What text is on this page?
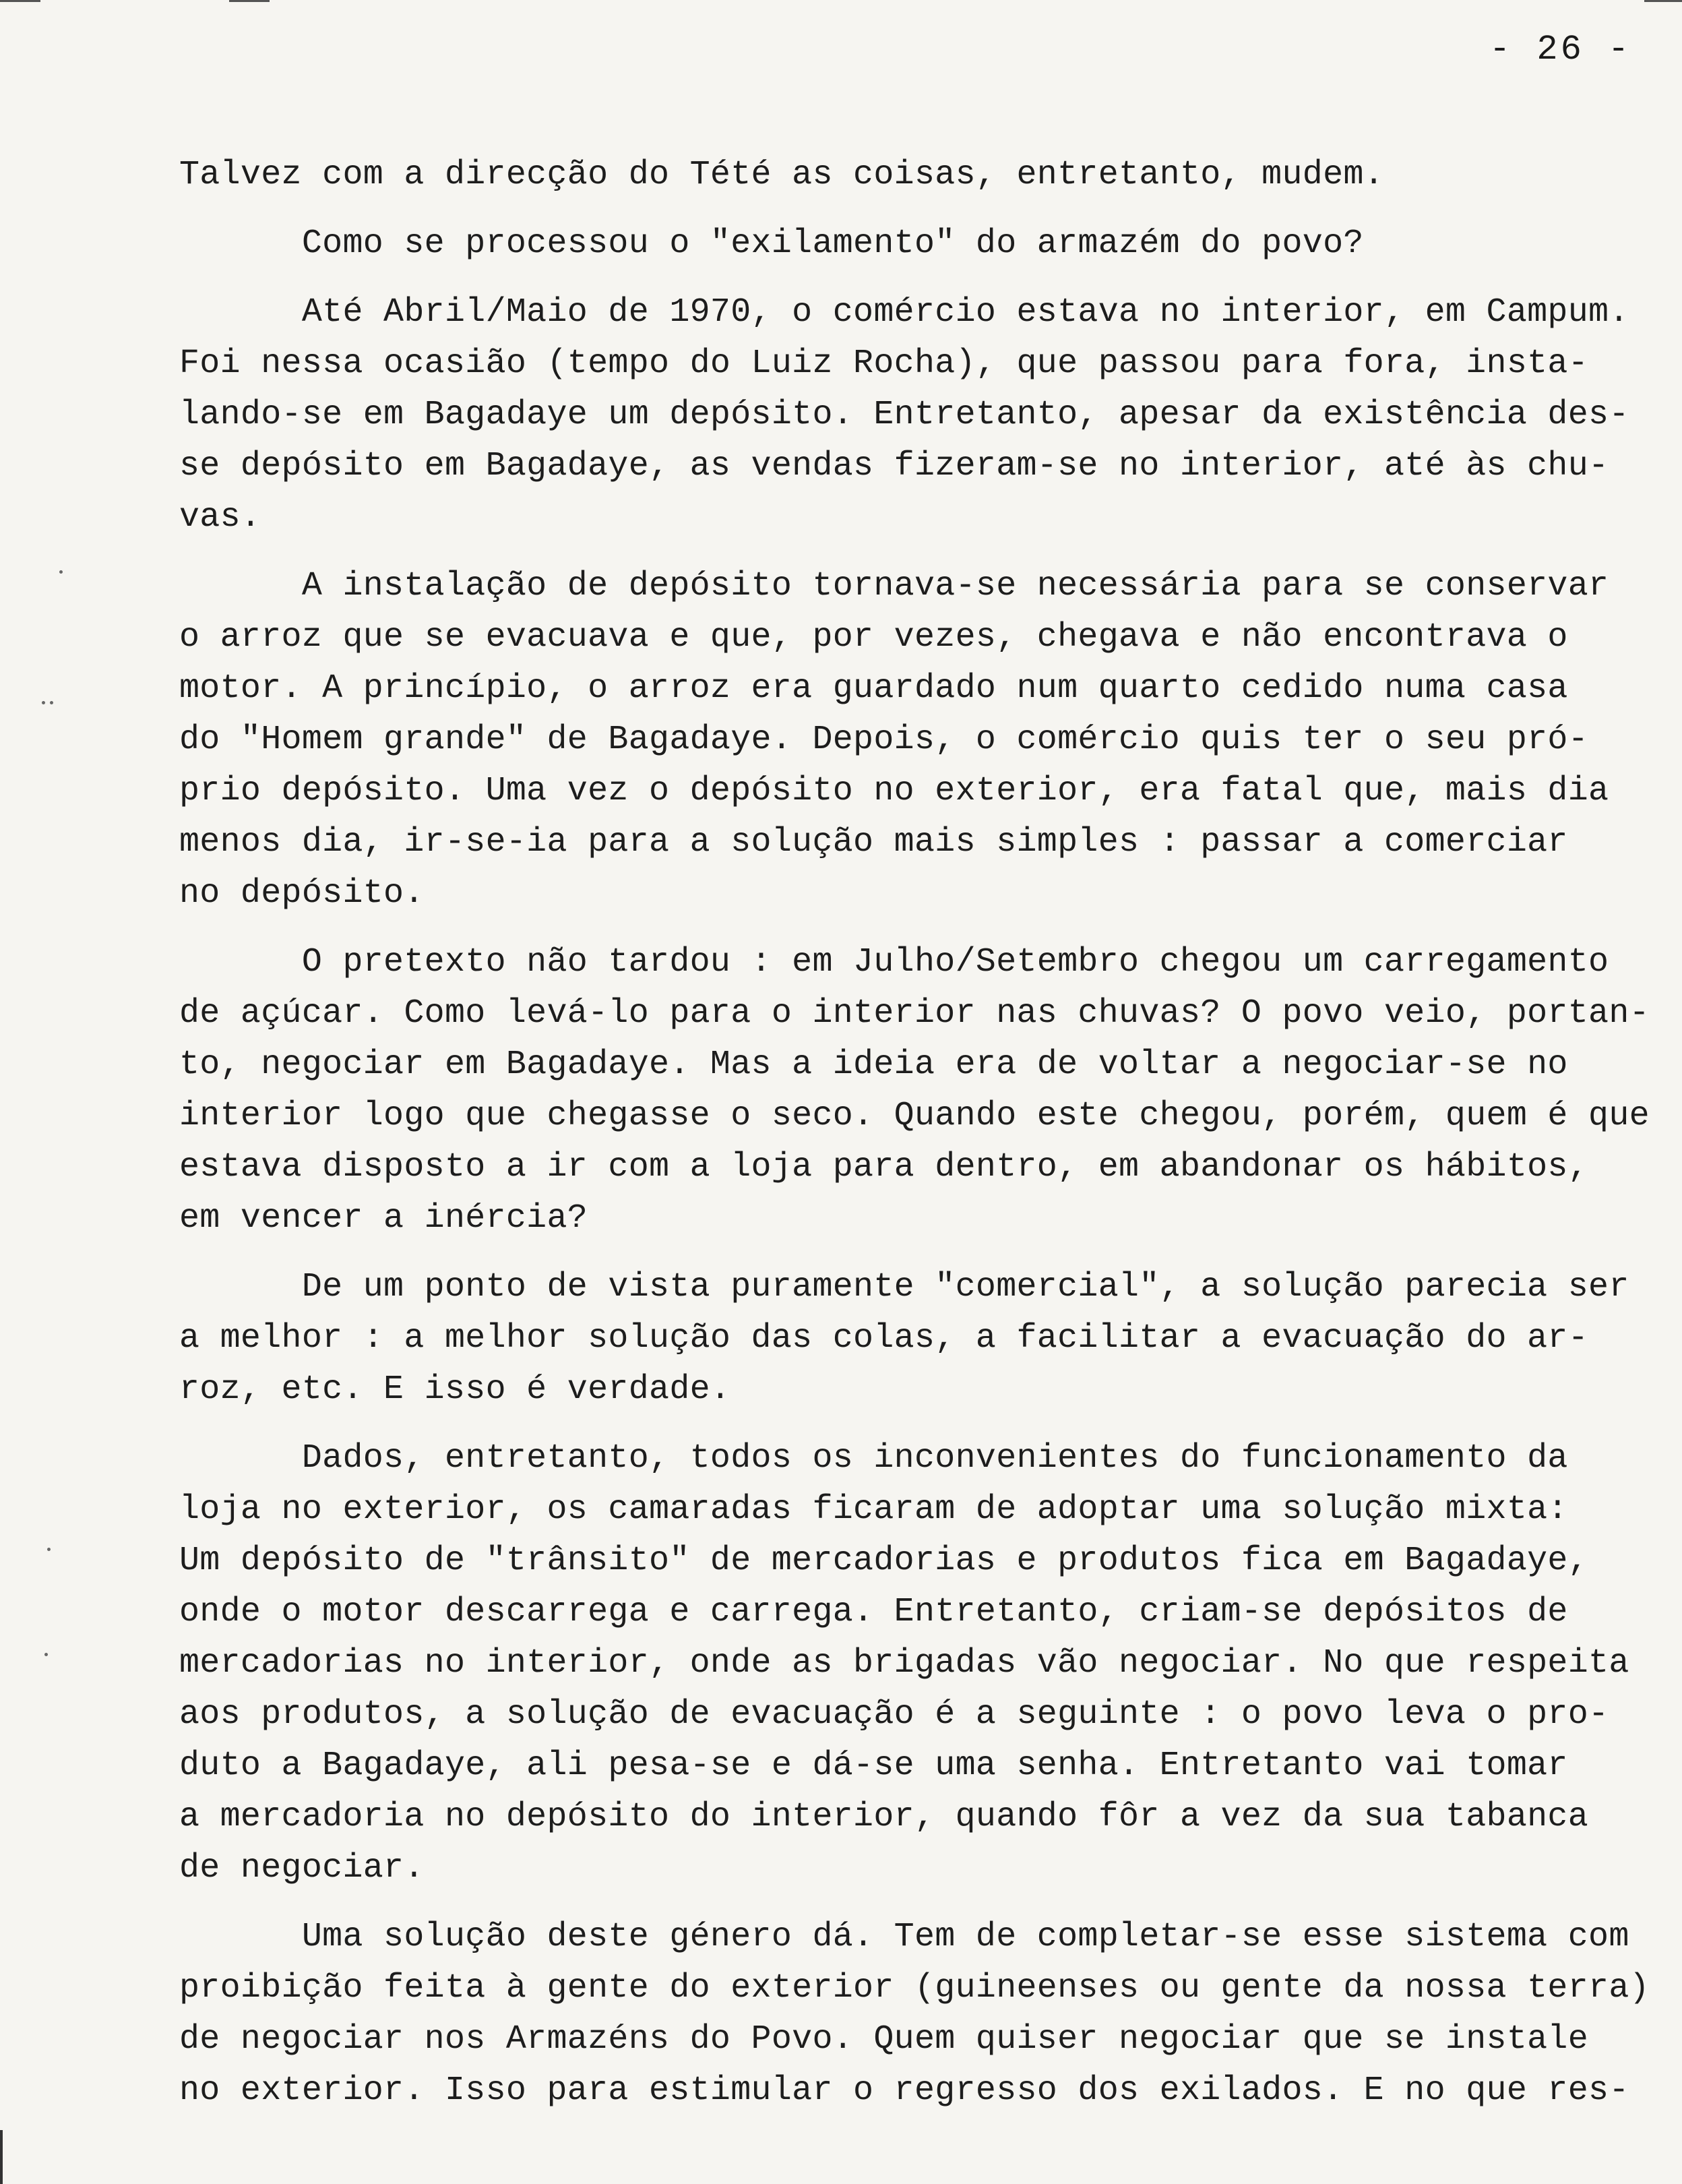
- 26 -
Talvez com a direcção do Tété as coisas, entretanto, mudem.
Como se processou o "exilamento" do armazém do povo?
Até Abril/Maio de 1970, o comércio estava no interior, em Campum.
Foi nessa ocasião (tempo do Luiz Rocha), que passou para fora, insta-
lando-se em Bagadaye um depósito. Entretanto, apesar da existência des-
se depósito em Bagadaye, as vendas fizeram-se no interior, até às chu-
vas.
A instalação de depósito tornava-se necessária para se conservar
o arroz que se evacuava e que, por vezes, chegava e não encontrava o
motor. A princípio, o arroz era guardado num quarto cedido numa casa
do "Homem grande" de Bagadaye. Depois, o comércio quis ter o seu pró-
prio depósito. Uma vez o depósito no exterior, era fatal que, mais dia
menos dia, ir-se-ia para a solução mais simples : passar a comerciar
no depósito.
O pretexto não tardou : em Julho/Setembro chegou um carregamento
de açúcar. Como levá-lo para o interior nas chuvas? O povo veio, portan-
to, negociar em Bagadaye. Mas a ideia era de voltar a negociar-se no
interior logo que chegasse o seco. Quando este chegou, porém, quem é que
estava disposto a ir com a loja para dentro, em abandonar os hábitos,
em vencer a inércia?
De um ponto de vista puramente "comercial", a solução parecia ser
a melhor : a melhor solução das colas, a facilitar a evacuação do ar-
roz, etc. E isso é verdade.
Dados, entretanto, todos os inconvenientes do funcionamento da
loja no exterior, os camaradas ficaram de adoptar uma solução mixta:
Um depósito de "trânsito" de mercadorias e produtos fica em Bagadaye,
onde o motor descarrega e carrega. Entretanto, criam-se depósitos de
mercadorias no interior, onde as brigadas vão negociar. No que respeita
aos produtos, a solução de evacuação é a seguinte : o povo leva o pro-
duto a Bagadaye, ali pesa-se e dá-se uma senha. Entretanto vai tomar
a mercadoria no depósito do interior, quando fôr a vez da sua tabanca
de negociar.
Uma solução deste género dá. Tem de completar-se esse sistema com
proibição feita à gente do exterior (guineenses ou gente da nossa terra)
de negociar nos Armazéns do Povo. Quem quiser negociar que se instale
no exterior. Isso para estimular o regresso dos exilados. E no que res-
